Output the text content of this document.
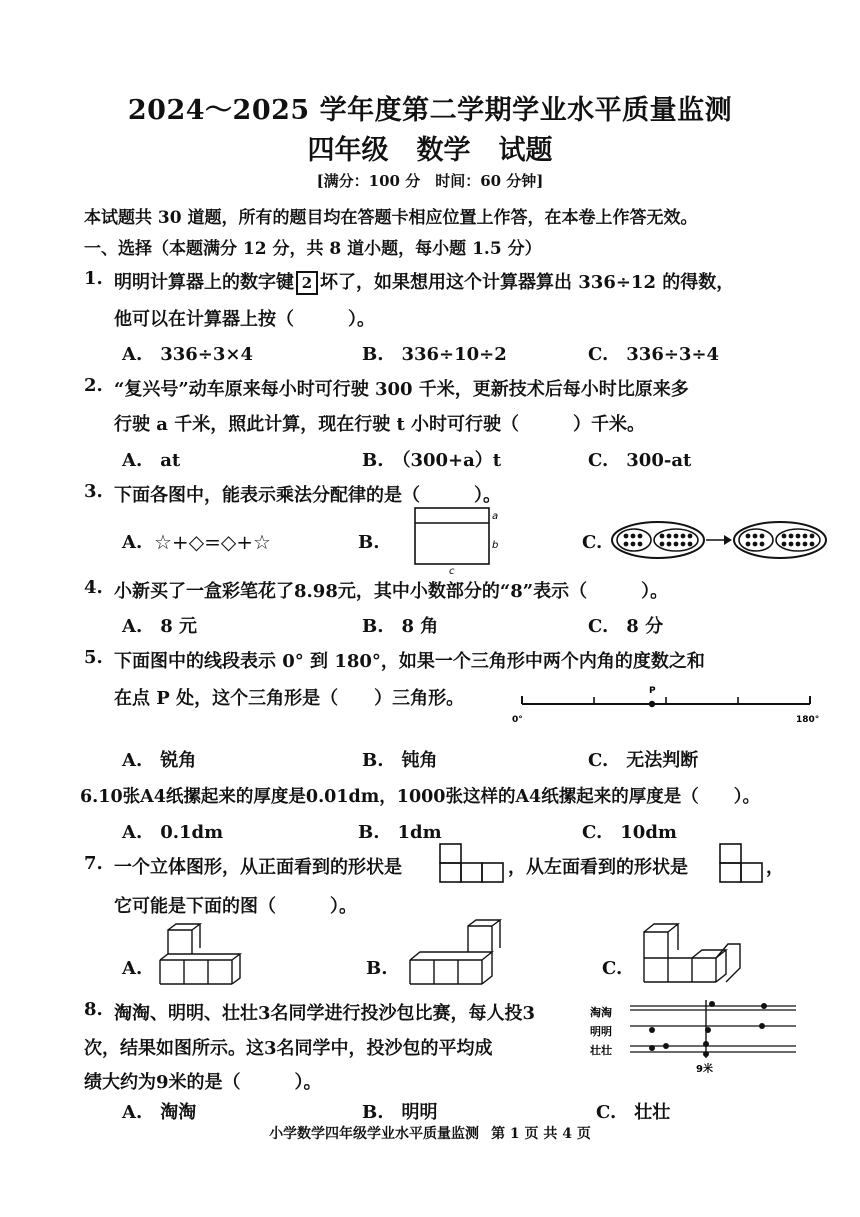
2024～2025 学年度第二学期学业水平质量监测
四年级 数学 试题
[满分：100 分　时间：60 分钟]
本试题共 30 道题，所有的题目均在答题卡相应位置上作答，在本卷上作答无效。
一、选择（本题满分 12 分，共 8 道小题，每小题 1.5 分）
1. 明明计算器上的数字键 2 坏了，如果想用这个计算器算出 336÷12 的得数，
他可以在计算器上按（　　　）。
A.　336÷3×4	B.　336÷10÷2	C.　336÷3÷4
2. “复兴号”动车原来每小时可行驶 300 千米，更新技术后每小时比原来多
行驶 a 千米，照此计算，现在行驶 t 小时可行驶（　　　）千米。
A.　at	B.　（300+a）t	C.　300-at
3. 下面各图中，能表示乘法分配律的是（　　　）。
A. ☆+◇=◇+☆	B.
a
b
c
C.
4. 小新买了一盒彩笔花了8.98元，其中小数部分的“8”表示（　　　）。
A.　8 元	B.　8 角	C.　8 分
5. 下面图中的线段表示 0° 到 180°，如果一个三角形中两个内角的度数之和
在点 P 处，这个三角形是（　　）三角形。	P
0°	180°
A.　锐角	B.　钝角	C.　无法判断
6.10张A4纸摞起来的厚度是0.01dm，1000张这样的A4纸摞起来的厚度是（　　）。
A.　0.1dm	B.　1dm	C.　10dm
7. 一个立体图形，从正面看到的形状是	，从左面看到的形状是	，
它可能是下面的图（　　　）。
A.	B.	C.
8. 淘淘、明明、壮壮3名同学进行投沙包比赛，每人投3
次，结果如图所示。这3名同学中，投沙包的平均成
绩大约为9米的是（　　　）。
淘淘
明明
壮壮
9米
A.　淘淘	B.　明明	C.　壮壮
小学数学四年级学业水平质量监测 第 1 页 共 4 页
